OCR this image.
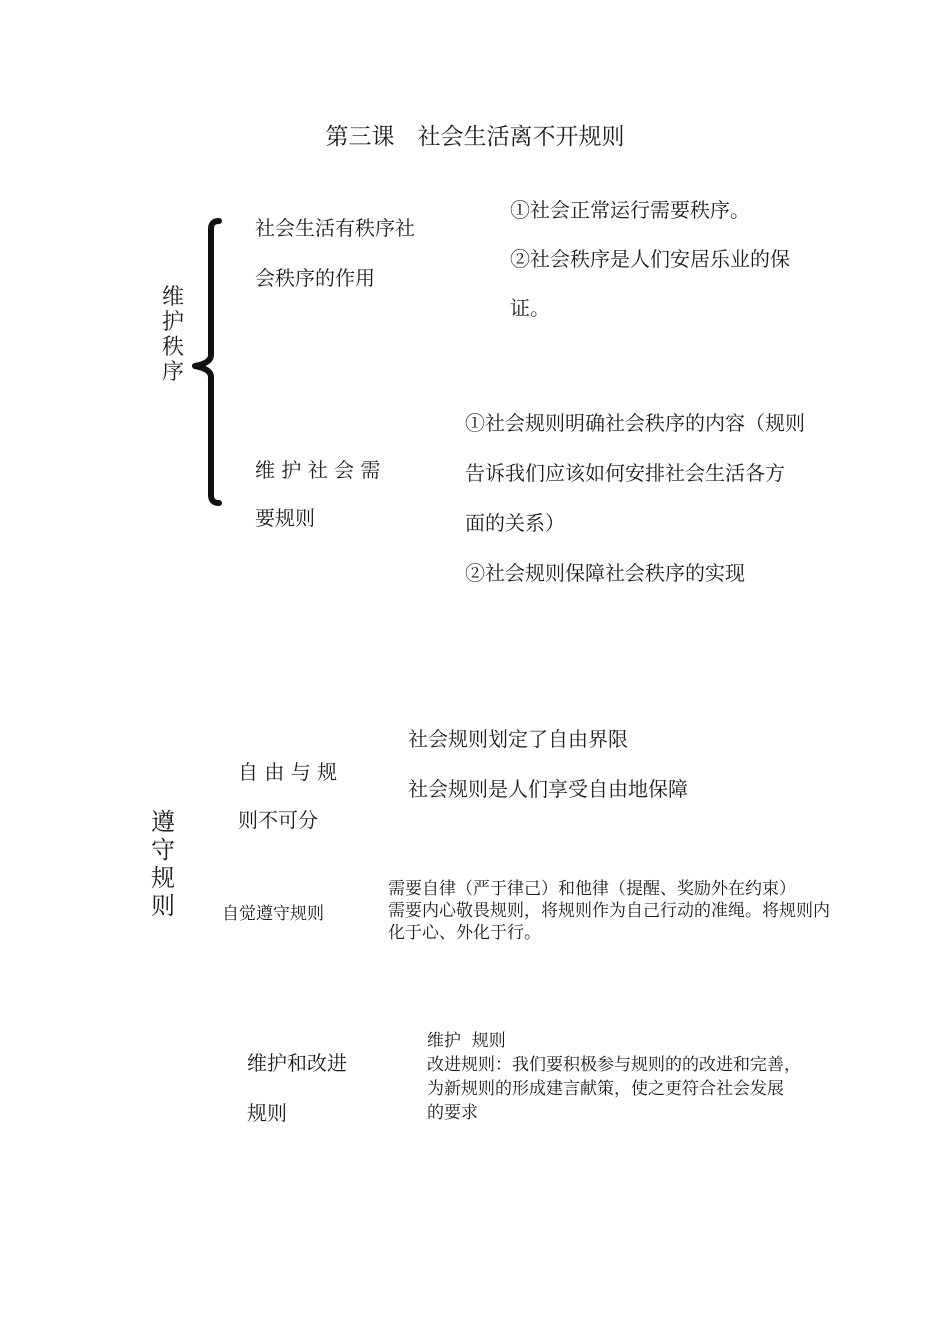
第三课　社会生活离不开规则
维护秩序
社会生活有秩序社
会秩序的作用
①社会正常运行需要秩序。
②社会秩序是人们安居乐业的保
证。
维 护 社 会 需
要规则
①社会规则明确社会秩序的内容（规则
告诉我们应该如何安排社会生活各方
面的关系）
②社会规则保障社会秩序的实现
遵守规则
社会规则划定了自由界限
社会规则是人们享受自由地保障
自 由 与 规
则不可分
自觉遵守规则
需要自律（严于律己）和他律（提醒、奖励外在约束）
需要内心敬畏规则，将规则作为自己行动的准绳。将规则内
化于心、外化于行。
维护和改进
规则
维护  规则
改进规则：我们要积极参与规则的的改进和完善，
为新规则的形成建言献策，使之更符合社会发展
的要求
